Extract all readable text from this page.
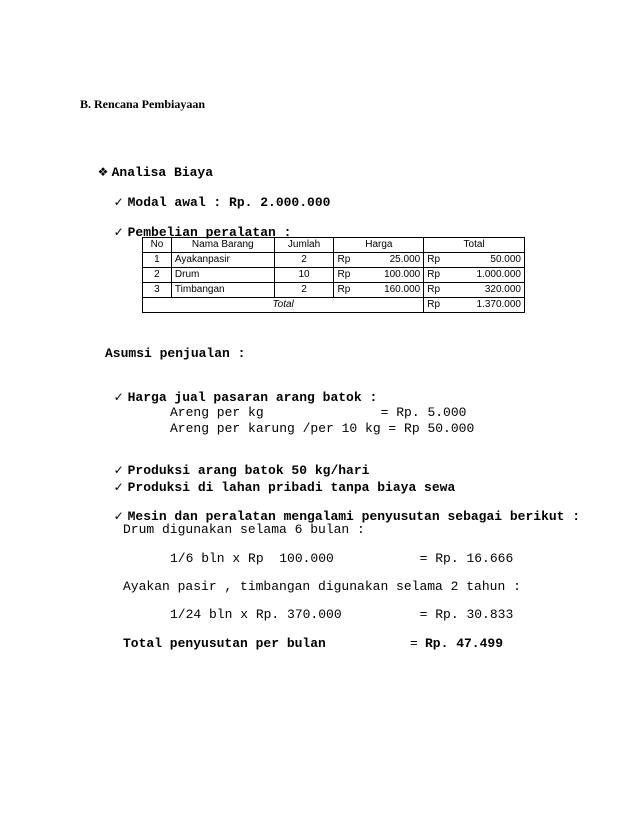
B. Rencana Pembiayaan

❖ Analisa Biaya

✓ Modal awal : Rp. 2.000.000

✓ Pembelian peralatan :

No	Nama Barang	Jumlah	Harga		Total	
1	Ayakanpasir	2	Rp	25.000	Rp	50.000
2	Drum	10	Rp	100.000	Rp	1.000.000
3	Timbangan	2	Rp	160.000	Rp	320.000
Total					Rp	1.370.000
Asumsi penjualan :

✓ Harga jual pasaran arang batok :

Areng per kg               = Rp. 5.000
Areng per karung /per 10 kg = Rp 50.000

✓ Produksi arang batok 50 kg/hari

✓ Produksi di lahan pribadi tanpa biaya sewa

✓ Mesin dan peralatan mengalami penyusutan sebagai berikut :

Drum digunakan selama 6 bulan :
1/6 bln x Rp  100.000           = Rp. 16.666
Ayakan pasir , timbangan digunakan selama 2 tahun :
1/24 bln x Rp. 370.000          = Rp. 30.833
Total penyusutan per bulan	= Rp. 47.499
